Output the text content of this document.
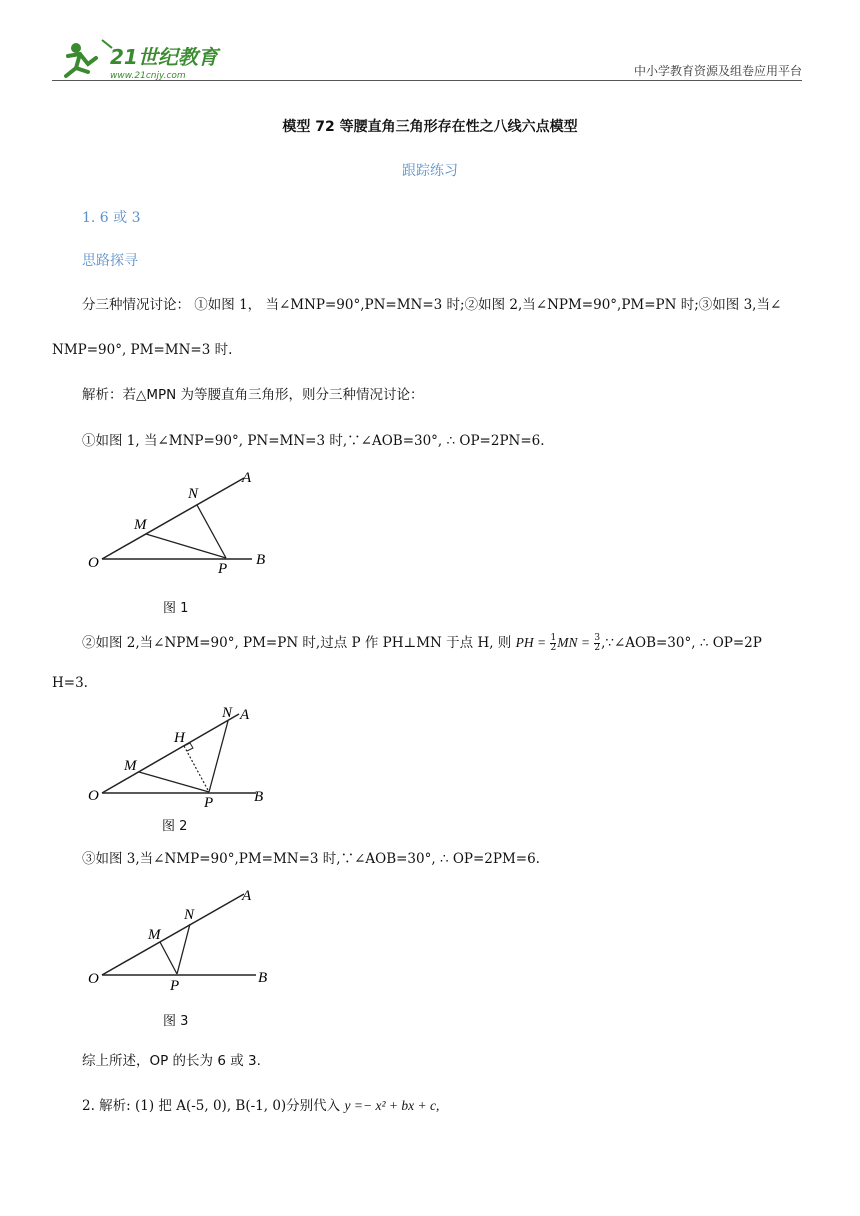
21世纪教育
www.21cnjy.com	中小学教育资源及组卷应用平台
模型 72 等腰直角三角形存在性之八线六点模型
跟踪练习
1. 6 或 3
思路探寻
分三种情况讨论： ①如图 1， 当∠MNP=90°,PN=MN=3 时;②如图 2,当∠NPM=90°,PM=PN 时;③如图 3,当∠
NMP=90°, PM=MN=3 时.
解析：若△MPN 为等腰直角三角形，则分三种情况讨论：
①如图 1, 当∠MNP=90°, PN=MN=3 时,∵∠AOB=30°, ∴ OP=2PN=6.
O
A
B
M
N
P
图 1
②如图 2,当∠NPM=90°, PM=PN 时,过点 P 作 PH⊥MN 于点 H, 则 PH = $\frac{1}{2}$ MN = $\frac{3}{2}$ ,∵∠AOB=30°, ∴ OP=2P
H=3.
O
A
B
M
N
H
P
图 2
③如图 3,当∠NMP=90°,PM=MN=3 时,∵∠AOB=30°, ∴ OP=2PM=6.
O
A
B
M
N
P
图 3
综上所述，OP 的长为 6 或 3.
2. 解析: (1) 把 A(-5, 0), B(-1, 0)分别代入 y =− x² + bx + c,
